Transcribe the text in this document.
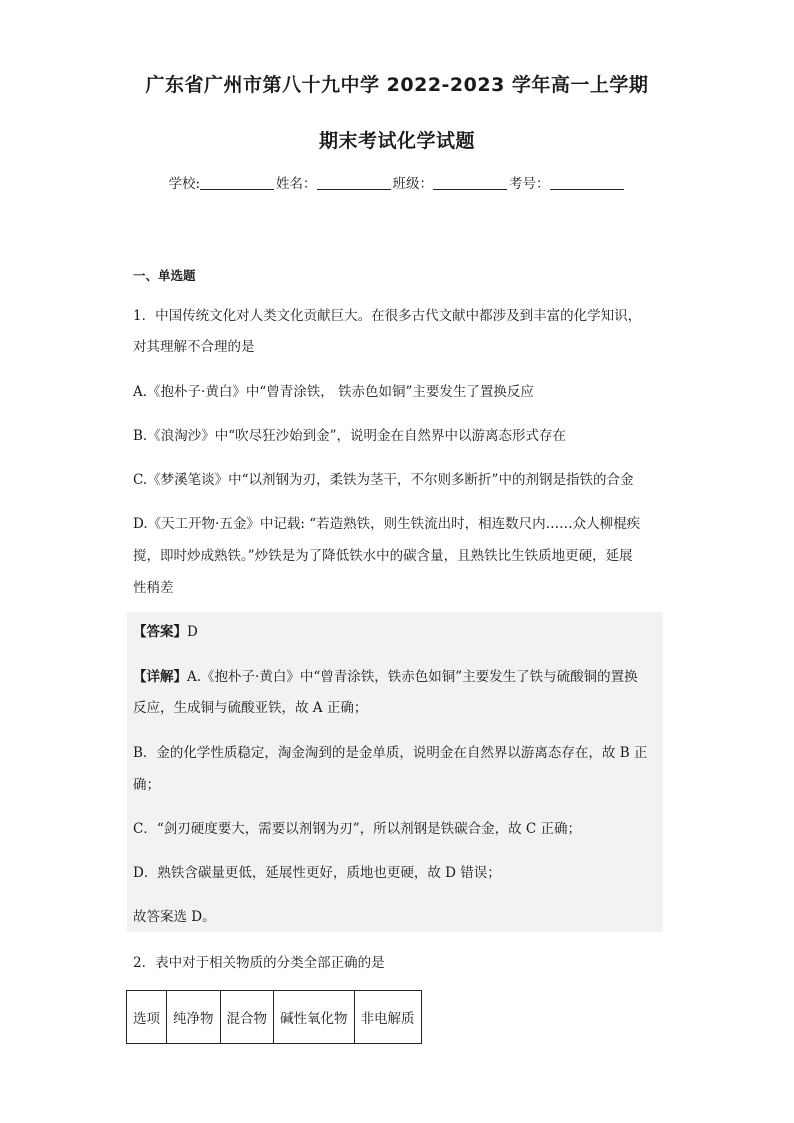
广东省广州市第八十九中学 2022-2023 学年高一上学期
期末考试化学试题
学校:	姓名：	班级：	考号：
一、单选题
1．中国传统文化对人类文化贡献巨大。在很多古代文献中都涉及到丰富的化学知识，
对其理解不合理的是
A.《抱朴子·黄白》中“曾青涂铁， 铁赤色如铜”主要发生了置换反应
B.《浪淘沙》中“吹尽狂沙始到金”，说明金在自然界中以游离态形式存在
C.《梦溪笔谈》中“以剂钢为刃，柔铁为茎干，不尔则多断折”中的剂钢是指铁的合金
D.《天工开物·五金》中记载: “若造熟铁，则生铁流出时，相连数尺内……众人柳棍疾
搅，即时炒成熟铁。”炒铁是为了降低铁水中的碳含量，且熟铁比生铁质地更硬，延展
性稍差
【答案】D
【详解】A.《抱朴子·黄白》中“曾青涂铁，铁赤色如铜”主要发生了铁与硫酸铜的置换
反应，生成铜与硫酸亚铁，故 A 正确；
B．金的化学性质稳定，淘金淘到的是金单质，说明金在自然界以游离态存在，故 B 正
确；
C．“剑刃硬度要大，需要以剂钢为刃”，所以剂钢是铁碳合金，故 C 正确；
D．熟铁含碳量更低，延展性更好，质地也更硬，故 D 错误；
故答案选 D。
2．表中对于相关物质的分类全部正确的是
选项	纯净物	混合物	碱性氧化物	非电解质
